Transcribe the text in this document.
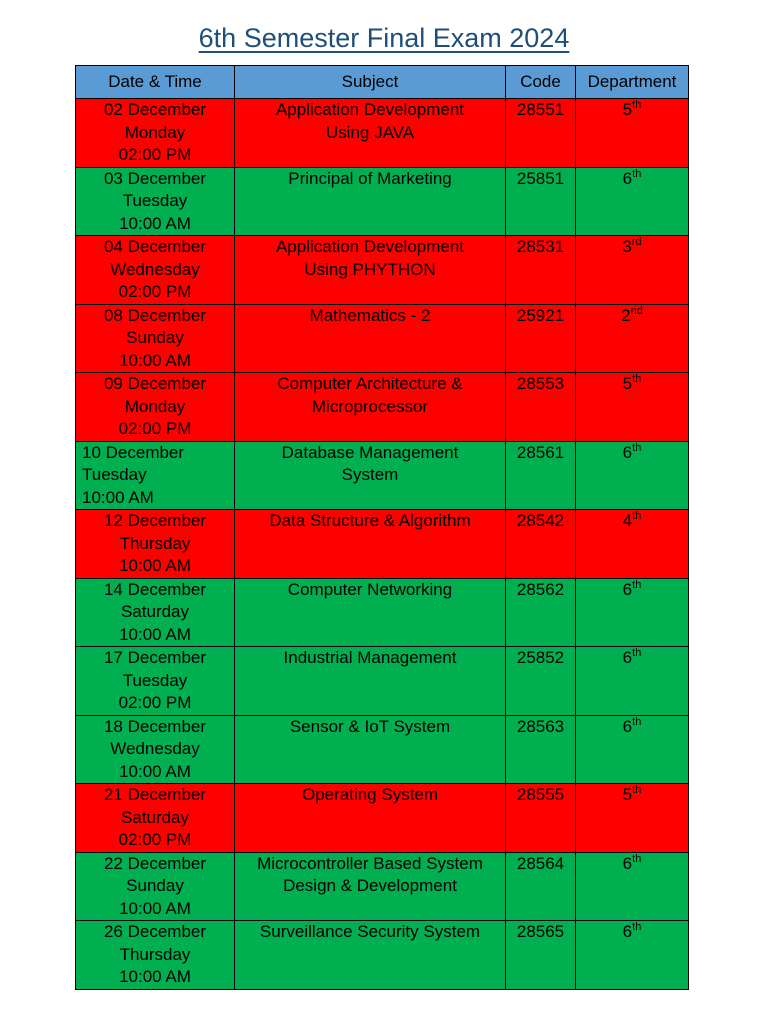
6th Semester Final Exam 2024
Date & Time	Subject	Code	Department

02 December
Monday
02:00 PM	Application Development
Using JAVA	28551	5th

03 December
Tuesday
10:00 AM	Principal of Marketing	25851	6th

04 December
Wednesday
02:00 PM	Application Development
Using PHYTHON	28531	3rd

08 December
Sunday
10:00 AM	Mathematics - 2	25921	2nd

09 December
Monday
02:00 PM	Computer Architecture &
Microprocessor	28553	5th

10 December
Tuesday
10:00 AM	Database Management
System	28561	6th

12 December
Thursday
10:00 AM	Data Structure & Algorithm	28542	4th

14 December
Saturday
10:00 AM	Computer Networking	28562	6th

17 December
Tuesday
02:00 PM	Industrial Management	25852	6th

18 December
Wednesday
10:00 AM	Sensor & IoT System	28563	6th

21 December
Saturday
02:00 PM	Operating System	28555	5th

22 December
Sunday
10:00 AM	Microcontroller Based System
Design & Development	28564	6th

26 December
Thursday
10:00 AM	Surveillance Security System	28565	6th
